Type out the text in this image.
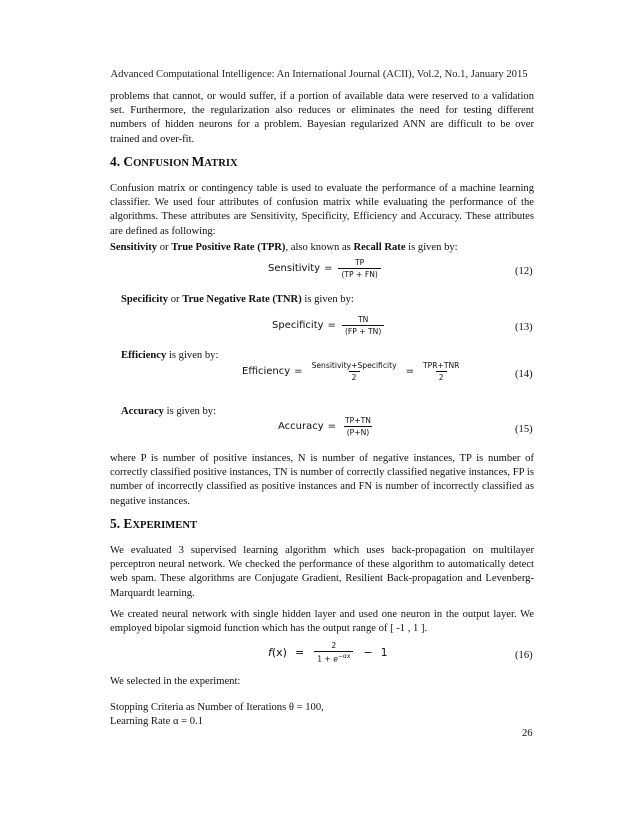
Advanced Computational Intelligence: An International Journal (ACII), Vol.2, No.1, January 2015
problems that cannot, or would suffer, if a portion of available data were reserved to a validation set. Furthermore, the regularization also reduces or eliminates the need for testing different numbers of hidden neurons for a problem. Bayesian regularized ANN are difficult to be over trained and over-fit.
4. CONFUSION MATRIX
Confusion matrix or contingency table is used to evaluate the performance of a machine learning classifier. We used four attributes of confusion matrix while evaluating the performance of the algorithms. These attributes are Sensitivity, Specificity, Efficiency and Accuracy. These attributes are defined as following:
Sensitivity or True Positive Rate (TPR), also known as Recall Rate is given by:
Sensitivity = $\frac{TP}{(TP + FN)}$	(12)
Specificity or True Negative Rate (TNR) is given by:
Specificity = $\frac{TN}{(FP + TN)}$	(13)
Efficiency is given by:
Efficiency = $\frac{\text{Sensitivity+Specificity}}{2} = \frac{\text{TPR+TNR}}{2}$	(14)
Accuracy is given by:
Accuracy = $\frac{TP+TN}{(P+N)}$	(15)
where P is number of positive instances, N is number of negative instances, TP is number of correctly classified positive instances, TN is number of correctly classified negative instances, FP is number of incorrectly classified as positive instances and FN is number of incorrectly classified as negative instances.
5. EXPERIMENT
We evaluated 3 supervised learning algorithm which uses back-propagation on multilayer perceptron neural network. We checked the performance of these algorithm to automatically detect web spam. These algorithms are Conjugate Gradient, Resilient Back-propagation and Levenberg-Marquardt learning.
We created neural network with single hidden layer and used one neuron in the output layer. We employed bipolar sigmoid function which has the output range of [ -1 , 1 ].
f $(x) = \frac{2}{1 + e^{-\alpha x}} - 1$	(16)
We selected in the experiment:
Stopping Criteria as Number of Iterations θ = 100,
Learning Rate α = 0.1
26
